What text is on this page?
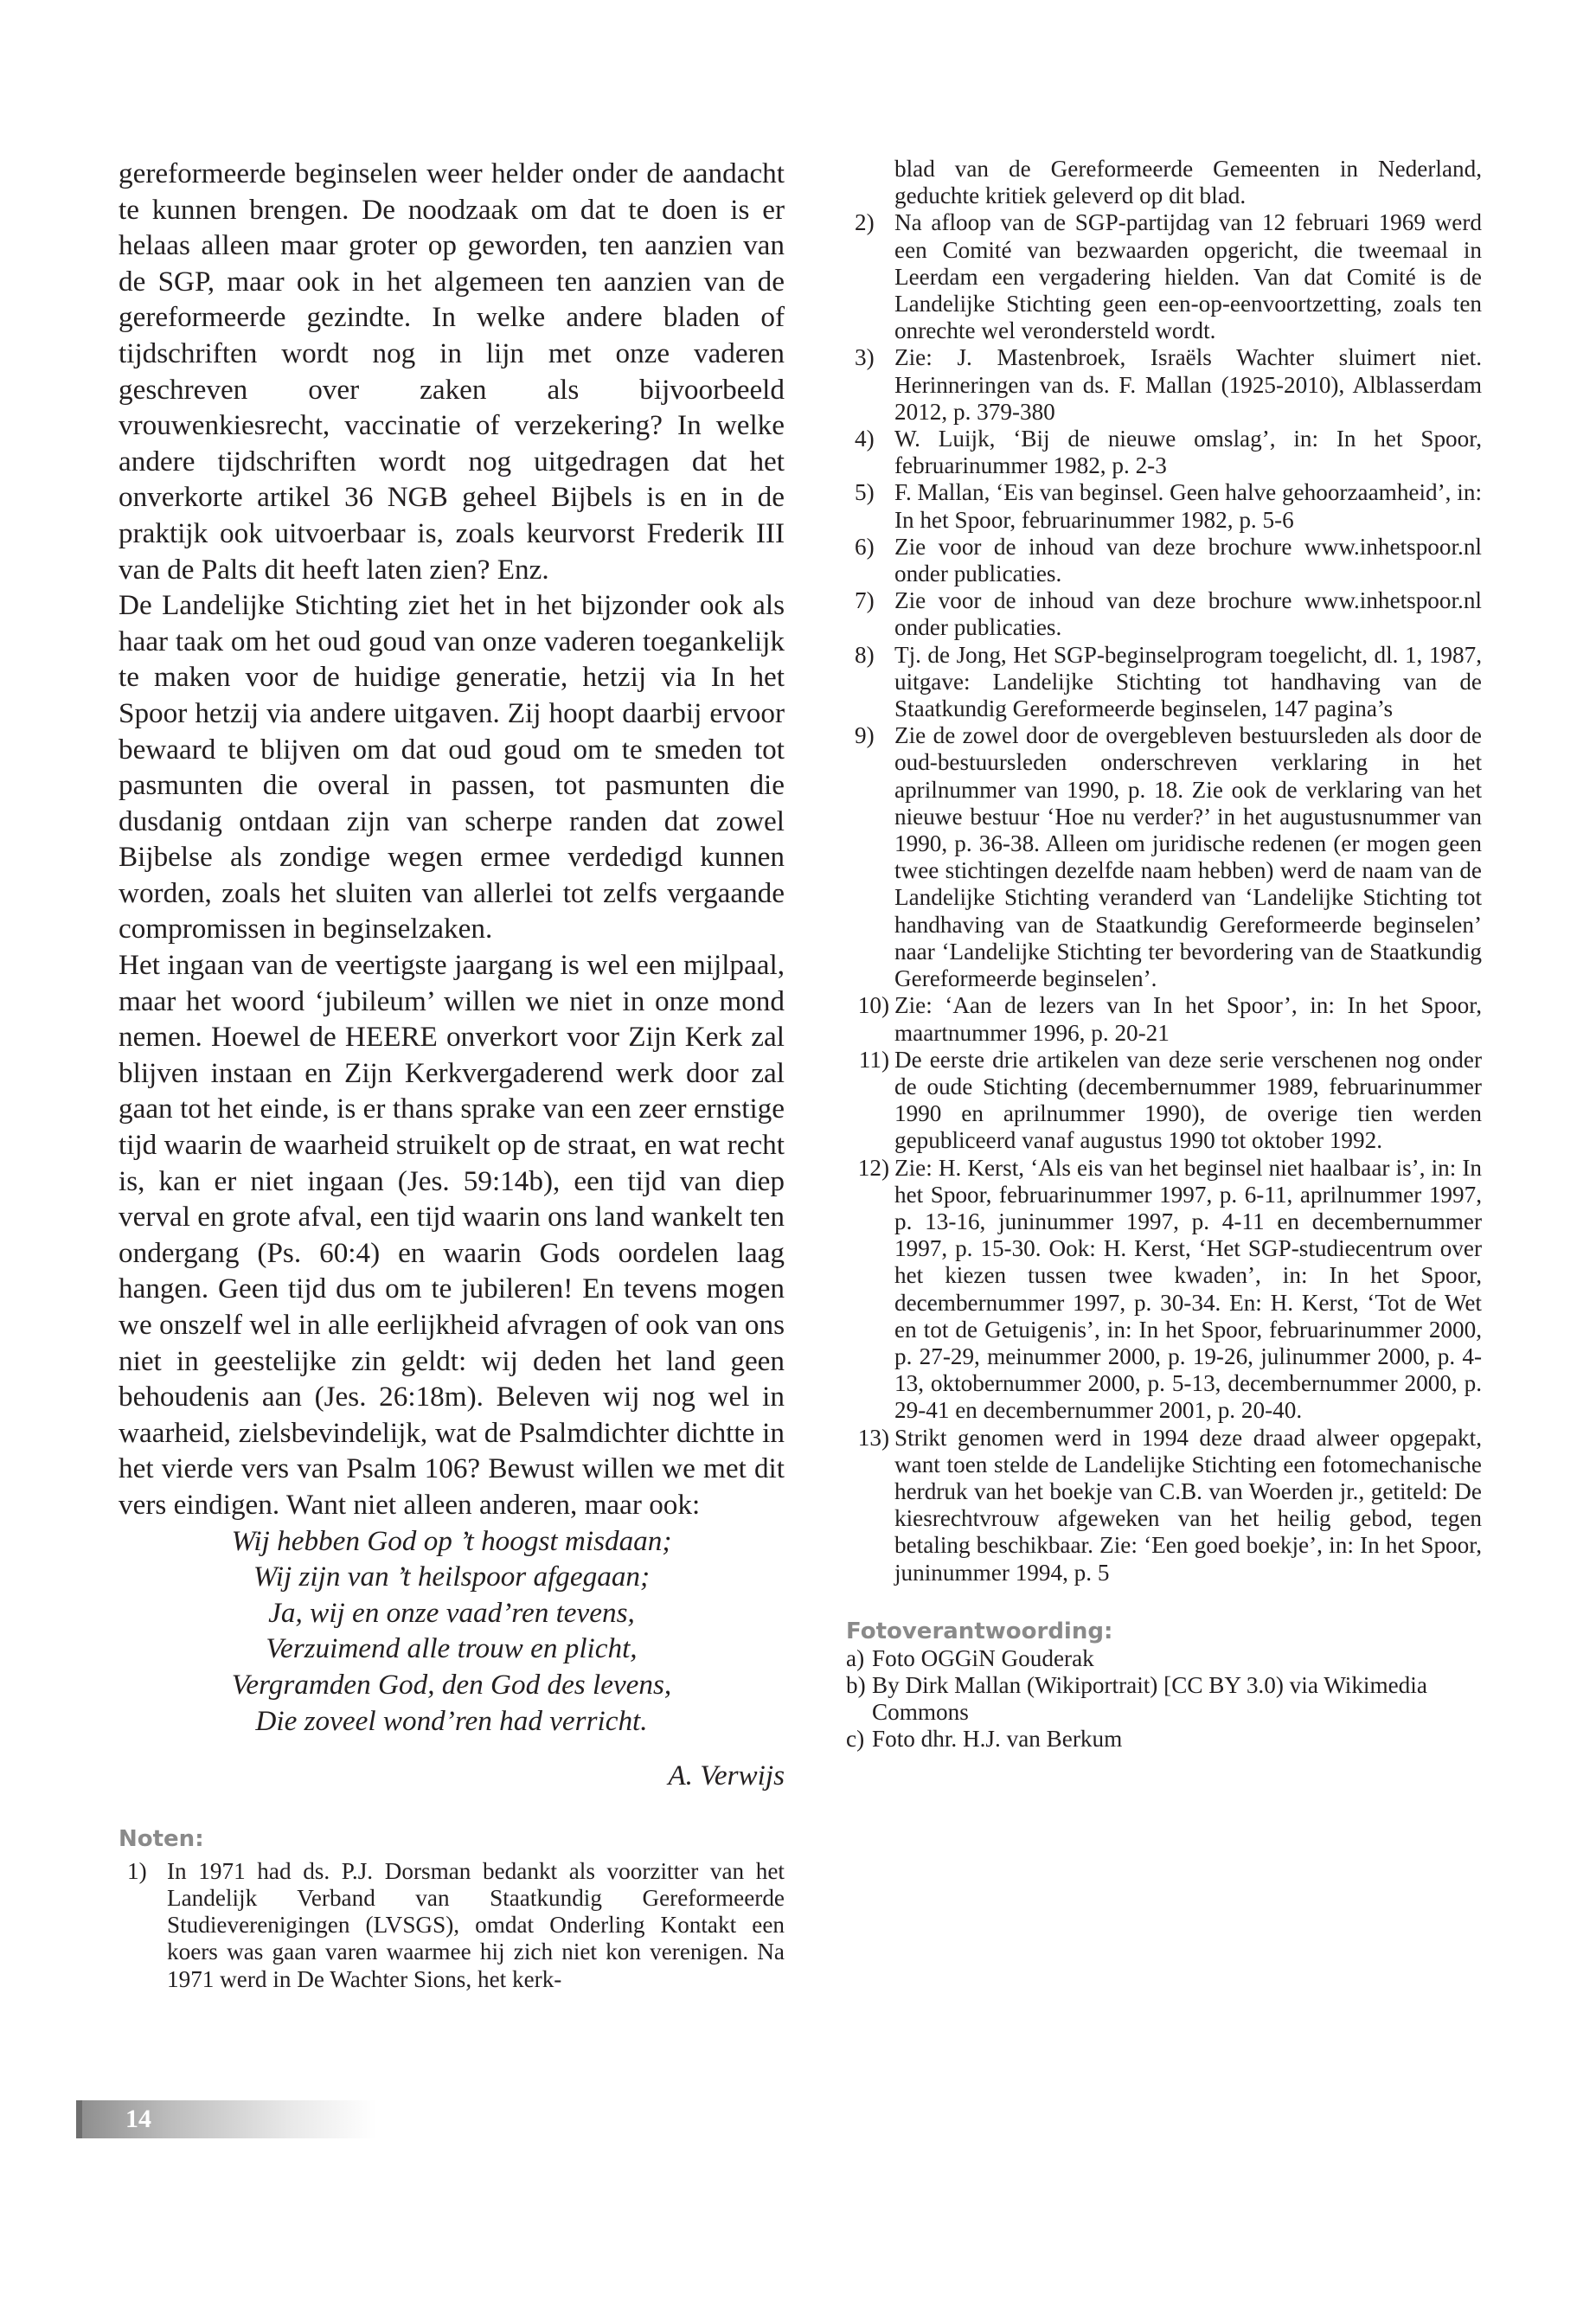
gereformeerde beginselen weer helder onder de aandacht te kunnen brengen. De noodzaak om dat te doen is er helaas alleen maar groter op geworden, ten aanzien van de SGP, maar ook in het algemeen ten aanzien van de gereformeerde gezindte. In welke andere bladen of tijdschriften wordt nog in lijn met onze vaderen geschreven over zaken als bijvoorbeeld vrouwenkiesrecht, vaccinatie of verzekering? In welke andere tijdschriften wordt nog uitgedragen dat het onverkorte artikel 36 NGB geheel Bijbels is en in de praktijk ook uitvoerbaar is, zoals keurvorst Frederik III van de Palts dit heeft laten zien? Enz.

De Landelijke Stichting ziet het in het bijzonder ook als haar taak om het oud goud van onze vaderen toegankelijk te maken voor de huidige generatie, hetzij via In het Spoor hetzij via andere uitgaven. Zij hoopt daarbij ervoor bewaard te blijven om dat oud goud om te smeden tot pasmunten die overal in passen, tot pasmunten die dusdanig ontdaan zijn van scherpe randen dat zowel Bijbelse als zondige wegen ermee verdedigd kunnen worden, zoals het sluiten van allerlei tot zelfs vergaande compromissen in beginselzaken.

Het ingaan van de veertigste jaargang is wel een mijlpaal, maar het woord ‘jubileum’ willen we niet in onze mond nemen. Hoewel de HEERE onverkort voor Zijn Kerk zal blijven instaan en Zijn Kerkvergaderend werk door zal gaan tot het einde, is er thans sprake van een zeer ernstige tijd waarin de waarheid struikelt op de straat, en wat recht is, kan er niet ingaan (Jes. 59:14b), een tijd van diep verval en grote afval, een tijd waarin ons land wankelt ten ondergang (Ps. 60:4) en waarin Gods oordelen laag hangen. Geen tijd dus om te jubileren! En tevens mogen we onszelf wel in alle eerlijkheid afvragen of ook van ons niet in geestelijke zin geldt: wij deden het land geen behoudenis aan (Jes. 26:18m). Beleven wij nog wel in waarheid, zielsbevindelijk, wat de Psalmdichter dichtte in het vierde vers van Psalm 106? Bewust willen we met dit vers eindigen. Want niet alleen anderen, maar ook:

Wij hebben God op ’t hoogst misdaan;
Wij zijn van ’t heilspoor afgegaan;
Ja, wij en onze vaad’ren tevens,
Verzuimend alle trouw en plicht,
Vergramden God, den God des levens,
Die zoveel wond’ren had verricht.
A. Verwijs
Noten:
1) In 1971 had ds. P.J. Dorsman bedankt als voorzitter van het Landelijk Verband van Staatkundig Gereformeerde Studieverenigingen (LVSGS), omdat Onderling Kontakt een koers was gaan varen waarmee hij zich niet kon verenigen. Na 1971 werd in De Wachter Sions, het kerk-
blad van de Gereformeerde Gemeenten in Nederland, geduchte kritiek geleverd op dit blad.
2) Na afloop van de SGP-partijdag van 12 februari 1969 werd een Comité van bezwaarden opgericht, die tweemaal in Leerdam een vergadering hielden. Van dat Comité is de Landelijke Stichting geen een-op-eenvoortzetting, zoals ten onrechte wel verondersteld wordt.
3) Zie: J. Mastenbroek, Israëls Wachter sluimert niet. Herinneringen van ds. F. Mallan (1925-2010), Alblasserdam 2012, p. 379-380
4) W. Luijk, ‘Bij de nieuwe omslag’, in: In het Spoor, februarinummer 1982, p. 2-3
5) F. Mallan, ‘Eis van beginsel. Geen halve gehoorzaamheid’, in: In het Spoor, februarinummer 1982, p. 5-6
6) Zie voor de inhoud van deze brochure www.inhetspoor.nl onder publicaties.
7) Zie voor de inhoud van deze brochure www.inhetspoor.nl onder publicaties.
8) Tj. de Jong, Het SGP-beginselprogram toegelicht, dl. 1, 1987, uitgave: Landelijke Stichting tot handhaving van de Staatkundig Gereformeerde beginselen, 147 pagina’s
9) Zie de zowel door de overgebleven bestuursleden als door de oud-bestuursleden onderschreven verklaring in het aprilnummer van 1990, p. 18. Zie ook de verklaring van het nieuwe bestuur ‘Hoe nu verder?’ in het augustusnummer van 1990, p. 36-38. Alleen om juridische redenen (er mogen geen twee stichtingen dezelfde naam hebben) werd de naam van de Landelijke Stichting veranderd van ‘Landelijke Stichting tot handhaving van de Staatkundig Gereformeerde beginselen’ naar ‘Landelijke Stichting ter bevordering van de Staatkundig Gereformeerde beginselen’.
10) Zie: ‘Aan de lezers van In het Spoor’, in: In het Spoor, maartnummer 1996, p. 20-21
11) De eerste drie artikelen van deze serie verschenen nog onder de oude Stichting (decembernummer 1989, februarinummer 1990 en aprilnummer 1990), de overige tien werden gepubliceerd vanaf augustus 1990 tot oktober 1992.
12) Zie: H. Kerst, ‘Als eis van het beginsel niet haalbaar is’, in: In het Spoor, februarinummer 1997, p. 6-11, aprilnummer 1997, p. 13-16, juninummer 1997, p. 4-11 en decembernummer 1997, p. 15-30. Ook: H. Kerst, ‘Het SGP-studiecentrum over het kiezen tussen twee kwaden’, in: In het Spoor, decembernummer 1997, p. 30-34. En: H. Kerst, ‘Tot de Wet en tot de Getuigenis’, in: In het Spoor, februarinummer 2000, p. 27-29, meinummer 2000, p. 19-26, julinummer 2000, p. 4-13, oktobernummer 2000, p. 5-13, decembernummer 2000, p. 29-41 en decembernummer 2001, p. 20-40.
13) Strikt genomen werd in 1994 deze draad alweer opgepakt, want toen stelde de Landelijke Stichting een fotomechanische herdruk van het boekje van C.B. van Woerden jr., getiteld: De kiesrechtvrouw afgeweken van het heilig gebod, tegen betaling beschikbaar. Zie: ‘Een goed boekje’, in: In het Spoor, juninummer 1994, p. 5
Fotoverantwoording:
a) Foto OGGiN Gouderak
b) By Dirk Mallan (Wikiportrait) [CC BY 3.0) via Wikimedia Commons
c) Foto dhr. H.J. van Berkum
14
